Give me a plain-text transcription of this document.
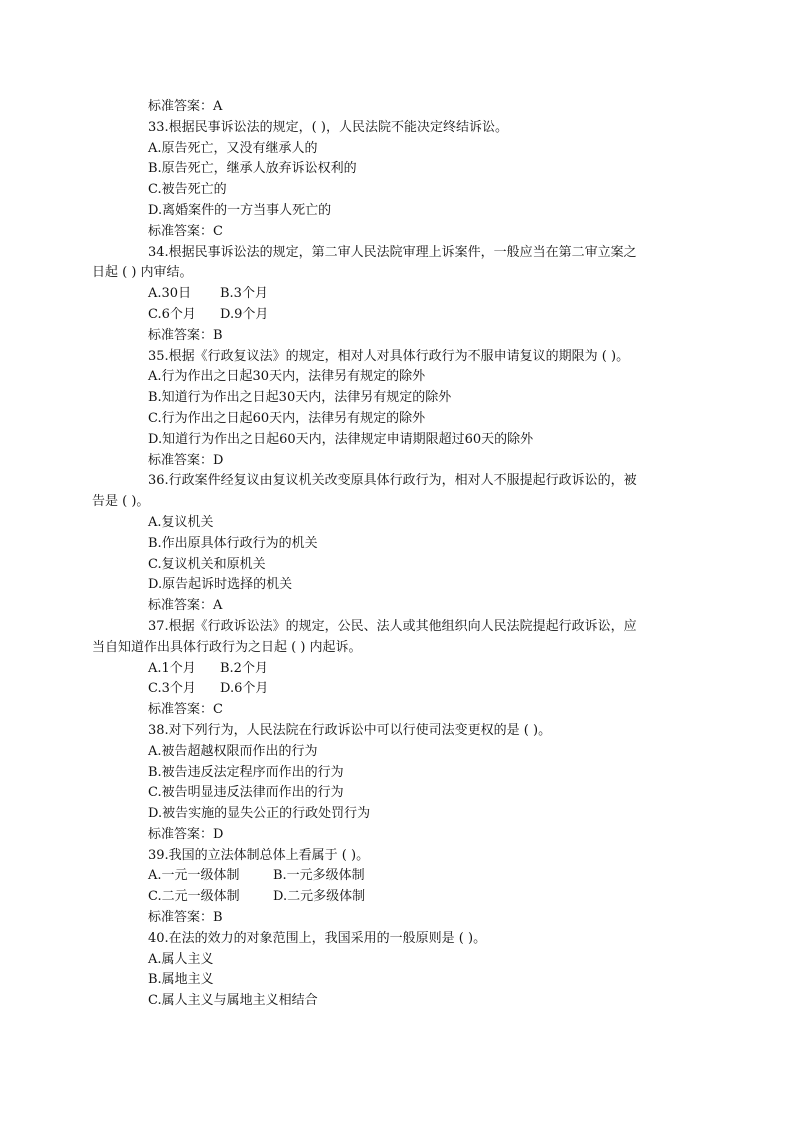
标准答案：A
33.根据民事诉讼法的规定，( )，人民法院不能决定终结诉讼。
A.原告死亡，又没有继承人的
B.原告死亡，继承人放弃诉讼权利的
C.被告死亡的
D.离婚案件的一方当事人死亡的
标准答案：C
34.根据民事诉讼法的规定，第二审人民法院审理上诉案件，一般应当在第二审立案之
日起 ( ) 内审结。
A.30日 B.3个月
C.6个月 D.9个月
标准答案：B
35.根据《行政复议法》的规定，相对人对具体行政行为不服申请复议的期限为 ( )。
A.行为作出之日起30天内，法律另有规定的除外
B.知道行为作出之日起30天内，法律另有规定的除外
C.行为作出之日起60天内，法律另有规定的除外
D.知道行为作出之日起60天内，法律规定申请期限超过60天的除外
标准答案：D
36.行政案件经复议由复议机关改变原具体行政行为，相对人不服提起行政诉讼的，被
告是 ( )。
A.复议机关
B.作出原具体行政行为的机关
C.复议机关和原机关
D.原告起诉时选择的机关
标准答案：A
37.根据《行政诉讼法》的规定，公民、法人或其他组织向人民法院提起行政诉讼，应
当自知道作出具体行政行为之日起 ( ) 内起诉。
A.1个月 B.2个月
C.3个月 D.6个月
标准答案：C
38.对下列行为，人民法院在行政诉讼中可以行使司法变更权的是 ( )。
A.被告超越权限而作出的行为
B.被告违反法定程序而作出的行为
C.被告明显违反法律而作出的行为
D.被告实施的显失公正的行政处罚行为
标准答案：D
39.我国的立法体制总体上看属于 ( )。
A.一元一级体制	B.一元多级体制
C.二元一级体制	D.二元多级体制
标准答案：B
40.在法的效力的对象范围上，我国采用的一般原则是 ( )。
A.属人主义
B.属地主义
C.属人主义与属地主义相结合
